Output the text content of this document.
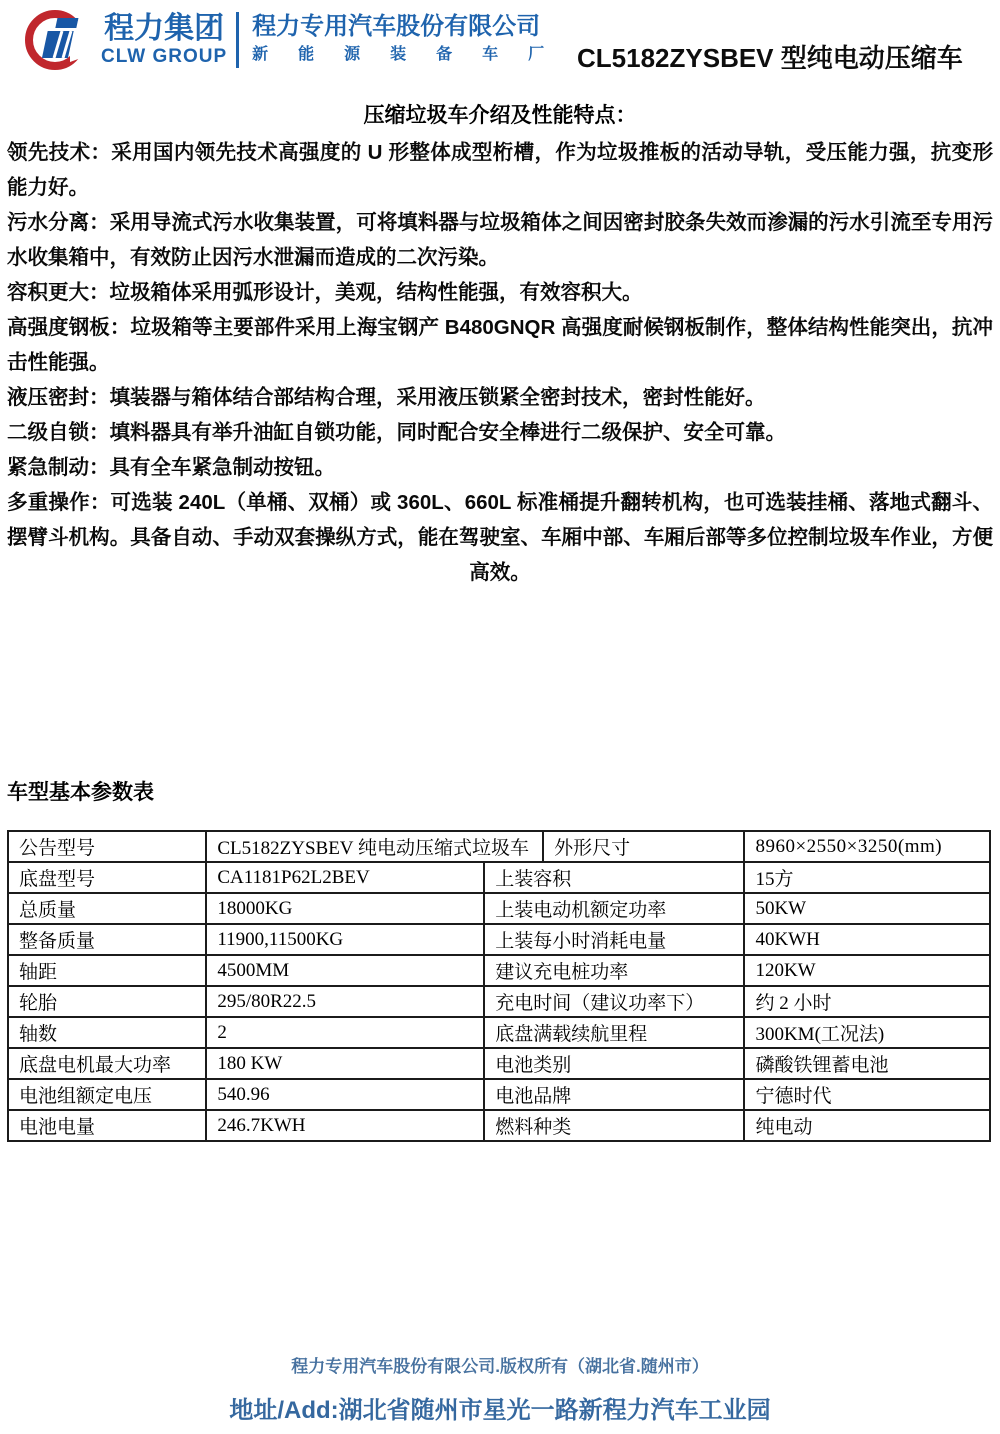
程力集团
CLW GROUP
程力专用汽车股份有限公司
新 能 源 装 备 车 厂 CL5182ZYSBEV 型纯电动压缩车
压缩垃圾车介绍及性能特点：

领先技术：采用国内领先技术高强度的 U 形整体成型桁槽，作为垃圾推板的活动导轨，受压能力强，抗变形能力好。

污水分离：采用导流式污水收集装置，可将填料器与垃圾箱体之间因密封胶条失效而渗漏的污水引流至专用污水收集箱中，有效防止因污水泄漏而造成的二次污染。

容积更大：垃圾箱体采用弧形设计，美观，结构性能强，有效容积大。

高强度钢板：垃圾箱等主要部件采用上海宝钢产 B480GNQR 高强度耐候钢板制作，整体结构性能突出，抗冲击性能强。

液压密封：填装器与箱体结合部结构合理，采用液压锁紧全密封技术，密封性能好。

二级自锁：填料器具有举升油缸自锁功能，同时配合安全棒进行二级保护、安全可靠。

紧急制动：具有全车紧急制动按钮。

多重操作：可选装 240L（单桶、双桶）或 360L、660L 标准桶提升翻转机构，也可选装挂桶、落地式翻斗、摆臂斗机构。具备自动、手动双套操纵方式，能在驾驶室、车厢中部、车厢后部等多位控制垃圾车作业，方便高效。

车型基本参数表
公告型号	CL5182ZYSBEV 纯电动压缩式垃圾车		外形尺寸	8960×2550×3250(mm)
底盘型号	CA1181P62L2BEV	上装容积		15方
总质量	18000KG	上装电动机额定功率		50KW
整备质量	11900,11500KG	上装每小时消耗电量		40KWH
轴距	4500MM	建议充电桩功率		120KW
轮胎	295/80R22.5	充电时间（建议功率下）		约 2 小时
轴数	2	底盘满载续航里程		300KM(工况法)
底盘电机最大功率	180 KW	电池类别		磷酸铁锂蓄电池
电池组额定电压	540.96	电池品牌		宁德时代
电池电量	246.7KWH	燃料种类		纯电动
程力专用汽车股份有限公司.版权所有（湖北省.随州市）
地址/Add:湖北省随州市星光一路新程力汽车工业园
